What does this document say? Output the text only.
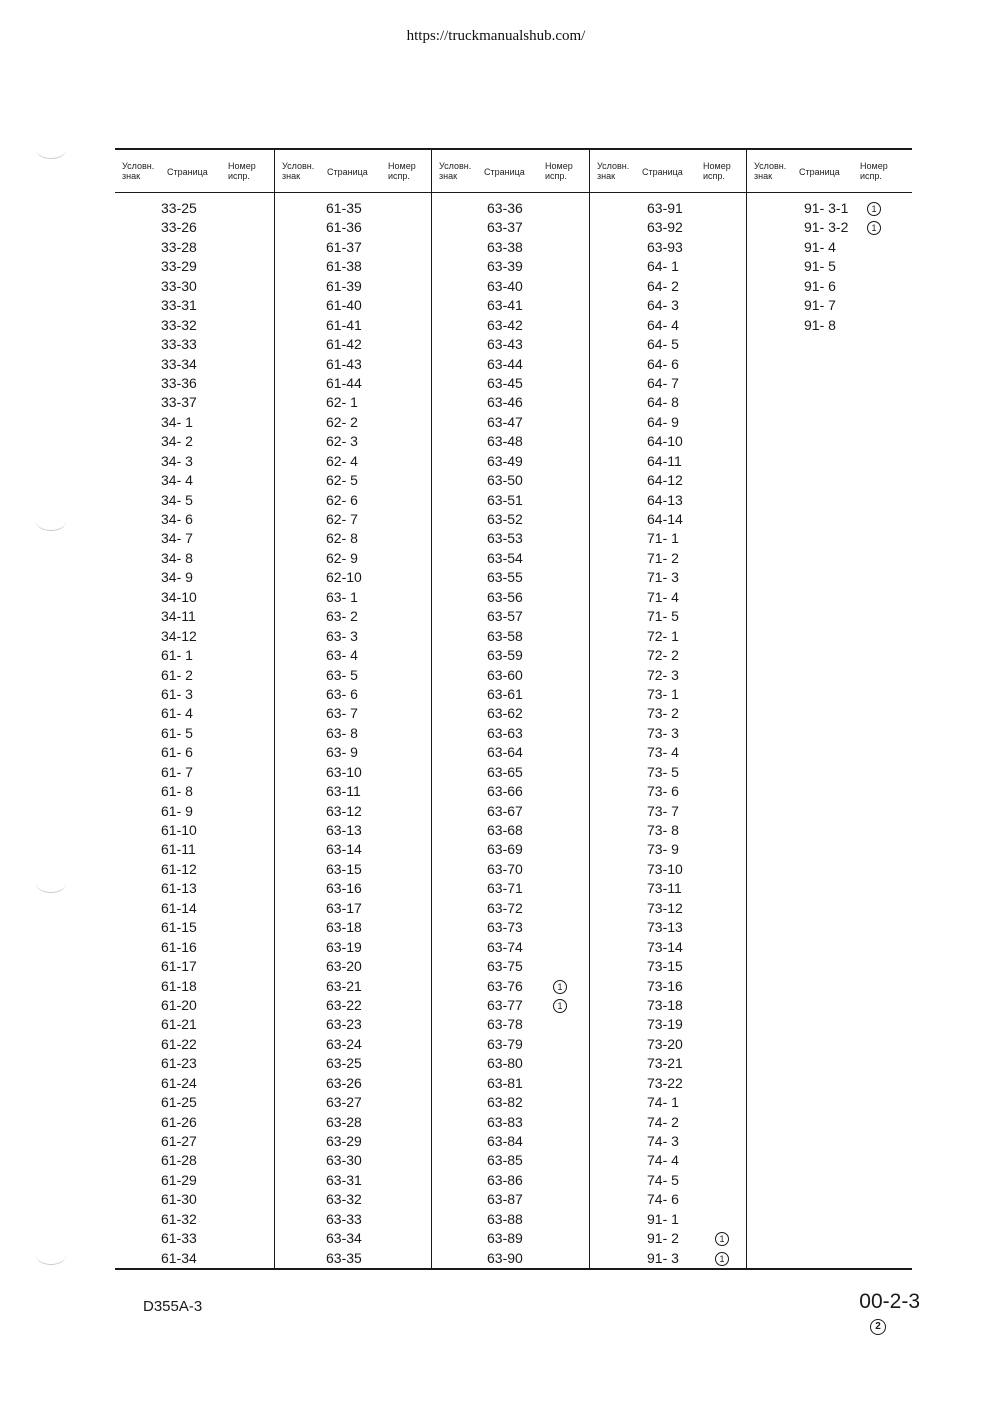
https://truckmanualshub.com/
Условн. знак	Страница
Номер испр.
33-25
33-26
33-28
33-29
33-30
33-31
33-32
33-33
33-34
33-36
33-37
34- 1
34- 2
34- 3
34- 4
34- 5
34- 6
34- 7
34- 8
34- 9
34-10
34-11
34-12
61- 1
61- 2
61- 3
61- 4
61- 5
61- 6
61- 7
61- 8
61- 9
61-10
61-11
61-12
61-13
61-14
61-15
61-16
61-17
61-18
61-20
61-21
61-22
61-23
61-24
61-25
61-26
61-27
61-28
61-29
61-30
61-32
61-33
61-34
Условн. знак	Страница
Номер испр.
61-35
61-36
61-37
61-38
61-39
61-40
61-41
61-42
61-43
61-44
62- 1
62- 2
62- 3
62- 4
62- 5
62- 6
62- 7
62- 8
62- 9
62-10
63- 1
63- 2
63- 3
63- 4
63- 5
63- 6
63- 7
63- 8
63- 9
63-10
63-11
63-12
63-13
63-14
63-15
63-16
63-17
63-18
63-19
63-20
63-21
63-22
63-23
63-24
63-25
63-26
63-27
63-28
63-29
63-30
63-31
63-32
63-33
63-34
63-35
Условн. знак	Страница
Номер испр.
63-36
63-37
63-38
63-39
63-40
63-41
63-42
63-43
63-44
63-45
63-46
63-47
63-48
63-49
63-50
63-51
63-52
63-53
63-54
63-55
63-56
63-57
63-58
63-59
63-60
63-61
63-62
63-63
63-64
63-65
63-66
63-67
63-68
63-69
63-70
63-71
63-72
63-73
63-74
63-75
63-76	1
63-77	1
63-78
63-79
63-80
63-81
63-82
63-83
63-84
63-85
63-86
63-87
63-88
63-89
63-90
Условн. знак	Страница
Номер испр.
63-91
63-92
63-93
64- 1
64- 2
64- 3
64- 4
64- 5
64- 6
64- 7
64- 8
64- 9
64-10
64-11
64-12
64-13
64-14
71- 1
71- 2
71- 3
71- 4
71- 5
72- 1
72- 2
72- 3
73- 1
73- 2
73- 3
73- 4
73- 5
73- 6
73- 7
73- 8
73- 9
73-10
73-11
73-12
73-13
73-14
73-15
73-16
73-18
73-19
73-20
73-21
73-22
74- 1
74- 2
74- 3
74- 4
74- 5
74- 6
91- 1
91- 2	1
91- 3	1
Условн. знак	Страница
Номер испр.
91- 3-1	1
91- 3-2	1
91- 4
91- 5
91- 6
91- 7
91- 8
D355A-3	00-2-3
2
